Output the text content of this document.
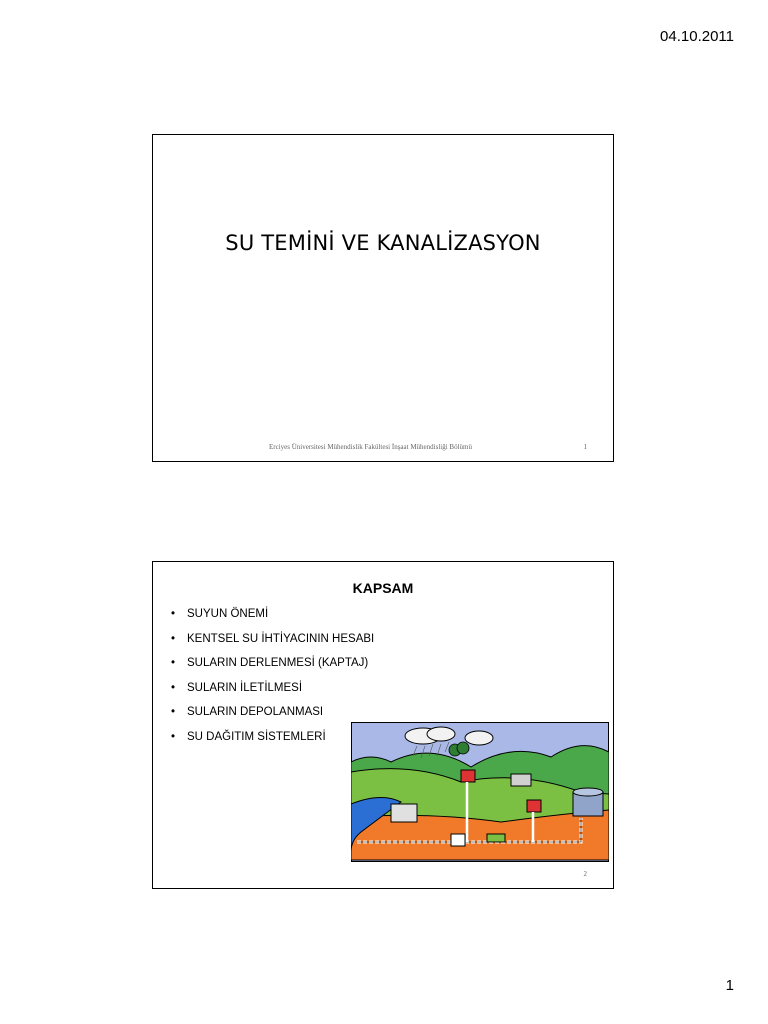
04.10.2011
SU TEMİNİ VE KANALİZASYON
Erciyes Üniversitesi Mühendislik Fakültesi İnşaat Mühendisliği Bölümü	1
KAPSAM
•	SUYUN ÖNEMİ
•	KENTSEL SU İHTİYACININ HESABI
•	SULARIN DERLENMESİ (KAPTAJ)
•	SULARIN İLETİLMESİ
•	SULARIN DEPOLANMASI
•	SU DAĞITIM SİSTEMLERİ
2
1
